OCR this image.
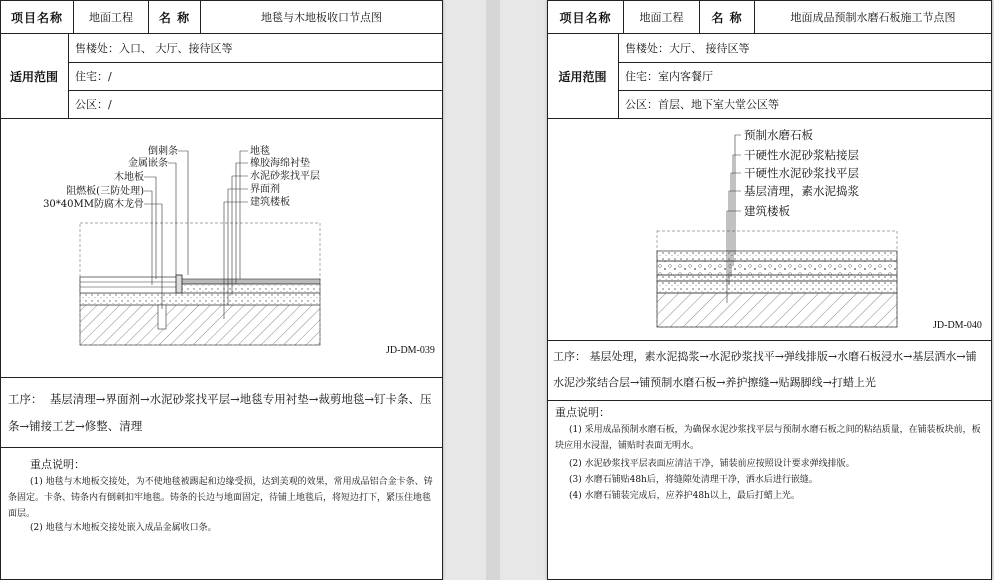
项目名称	地面工程	名 称	地毯与木地板收口节点图
适用范围
售楼处：入口、 大厅、接待区等
住宅：/
公区：/
倒刺条
金属嵌条
木地板
阻燃板(三防处理)
30*40MM防腐木龙骨
地毯
橡胶海绵衬垫
水泥砂浆找平层
界面剂
建筑楼板
JD-DM-039
工序： 基层清理→界面剂→水泥砂浆找平层→地毯专用衬垫→裁剪地毯→钉卡条、压条→铺接工艺→修整、清理
重点说明：
(1) 地毯与木地板交接处，为不使地毯被踢起和边缘受损，达到美观的效果，常用成品铝合金卡条、铸条固定。卡条、铸条内有倒刺扣牢地毯。铸条的长边与地面固定，待铺上地毯后，将短边打下，紧压住地毯面层。
(2) 地毯与木地板交接处嵌入成品金属收口条。
项目名称	地面工程	名 称	地面成品预制水磨石板施工节点图
适用范围
售楼处：大厅、 接待区等
住宅：室内客餐厅
公区：首层、地下室大堂公区等
预制水磨石板
干硬性水泥砂浆粘接层
干硬性水泥砂浆找平层
基层清理，素水泥捣浆
建筑楼板
JD-DM-040
工序： 基层处理，素水泥捣浆→水泥砂浆找平→弹线排版→水磨石板浸水→基层洒水→铺水泥沙浆结合层→铺预制水磨石板→养护擦缝→贴踢脚线→打蜡上光
重点说明：
(1) 采用成品预制水磨石板，为确保水泥沙浆找平层与预制水磨石板之间的粘结质量，在铺装板块前，板块应用水浸湿，铺贴时表面无明水。
(2) 水泥砂浆找平层表面应清洁干净，铺装前应按照设计要求弹线排版。
(3) 水磨石铺贴48h后，将缝隙处清理干净，洒水后进行嵌缝。
(4) 水磨石铺装完成后，应养护48h以上，最后打蜡上光。
